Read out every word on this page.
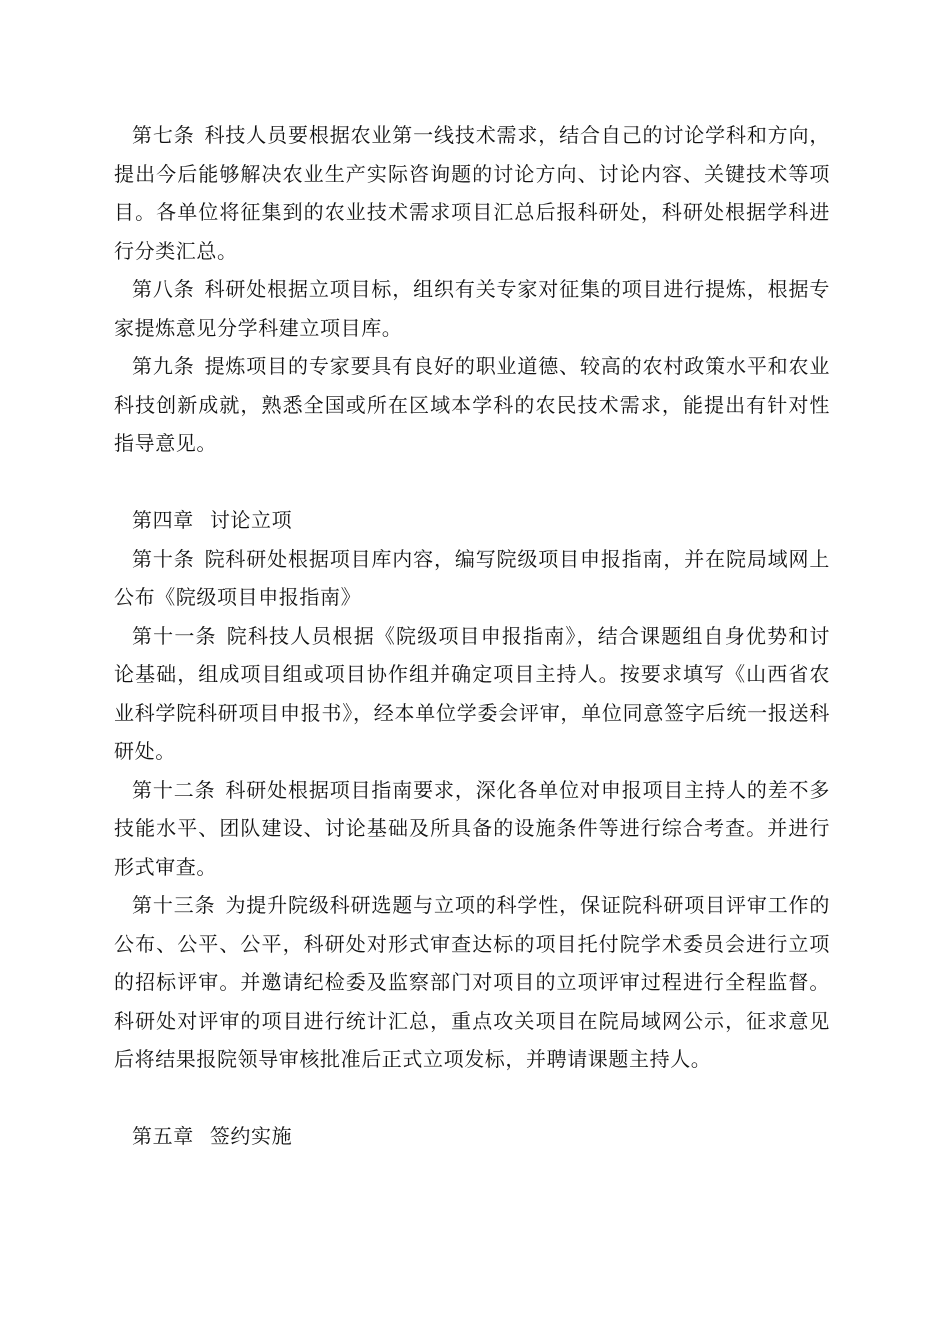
第七条 科技人员要根据农业第一线技术需求，结合自己的讨论学科和方向，提出今后能够解决农业生产实际咨询题的讨论方向、讨论内容、关键技术等项目。各单位将征集到的农业技术需求项目汇总后报科研处，科研处根据学科进行分类汇总。

第八条 科研处根据立项目标，组织有关专家对征集的项目进行提炼，根据专家提炼意见分学科建立项目库。

第九条 提炼项目的专家要具有良好的职业道德、较高的农村政策水平和农业科技创新成就，熟悉全国或所在区域本学科的农民技术需求，能提出有针对性指导意见。

第四章 讨论立项

第十条 院科研处根据项目库内容，编写院级项目申报指南，并在院局域网上公布《院级项目申报指南》

第十一条 院科技人员根据《院级项目申报指南》，结合课题组自身优势和讨论基础，组成项目组或项目协作组并确定项目主持人。按要求填写《山西省农业科学院科研项目申报书》，经本单位学委会评审，单位同意签字后统一报送科研处。

第十二条 科研处根据项目指南要求，深化各单位对申报项目主持人的差不多技能水平、团队建设、讨论基础及所具备的设施条件等进行综合考查。并进行形式审查。

第十三条 为提升院级科研选题与立项的科学性，保证院科研项目评审工作的公布、公平、公平，科研处对形式审查达标的项目托付院学术委员会进行立项的招标评审。并邀请纪检委及监察部门对项目的立项评审过程进行全程监督。科研处对评审的项目进行统计汇总，重点攻关项目在院局域网公示，征求意见后将结果报院领导审核批准后正式立项发标，并聘请课题主持人。

第五章 签约实施
